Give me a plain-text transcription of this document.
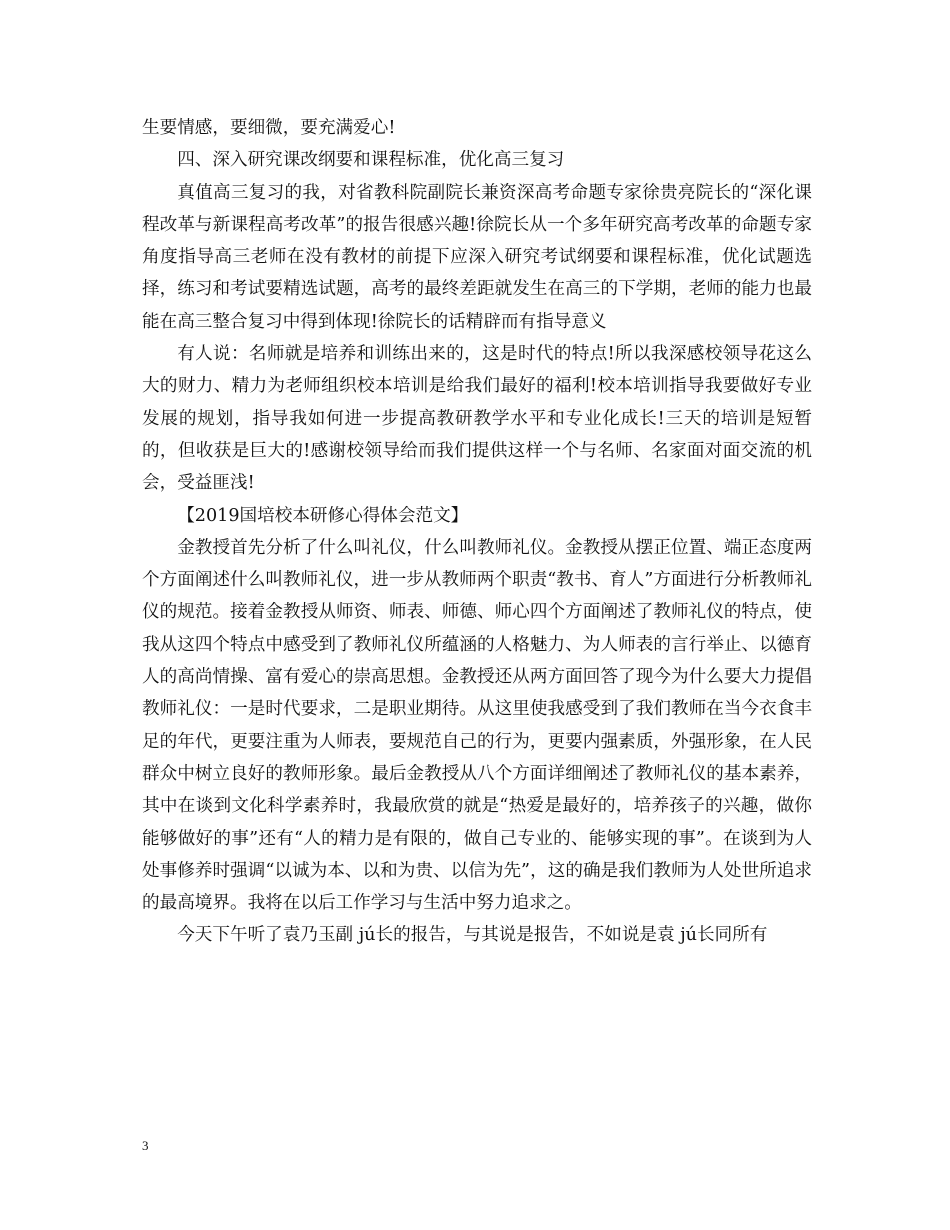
生要情感，要细微，要充满爱心!

四、深入研究课改纲要和课程标准，优化高三复习

真值高三复习的我，对省教科院副院长兼资深高考命题专家徐贵亮院长的“深化课程改革与新课程高考改革”的报告很感兴趣!徐院长从一个多年研究高考改革的命题专家角度指导高三老师在没有教材的前提下应深入研究考试纲要和课程标准，优化试题选择，练习和考试要精选试题，高考的最终差距就发生在高三的下学期，老师的能力也最能在高三整合复习中得到体现!徐院长的话精辟而有指导意义

有人说：名师就是培养和训练出来的，这是时代的特点!所以我深感校领导花这么大的财力、精力为老师组织校本培训是给我们最好的福利!校本培训指导我要做好专业发展的规划，指导我如何进一步提高教研教学水平和专业化成长!三天的培训是短暂的，但收获是巨大的!感谢校领导给而我们提供这样一个与名师、名家面对面交流的机会，受益匪浅!

【2019国培校本研修心得体会范文】

金教授首先分析了什么叫礼仪，什么叫教师礼仪。金教授从摆正位置、端正态度两个方面阐述什么叫教师礼仪，进一步从教师两个职责“教书、育人”方面进行分析教师礼仪的规范。接着金教授从师资、师表、师德、师心四个方面阐述了教师礼仪的特点，使我从这四个特点中感受到了教师礼仪所蕴涵的人格魅力、为人师表的言行举止、以德育人的高尚情操、富有爱心的崇高思想。金教授还从两方面回答了现今为什么要大力提倡教师礼仪：一是时代要求，二是职业期待。从这里使我感受到了我们教师在当今衣食丰足的年代，更要注重为人师表，要规范自己的行为，更要内强素质，外强形象，在人民群众中树立良好的教师形象。最后金教授从八个方面详细阐述了教师礼仪的基本素养，其中在谈到文化科学素养时，我最欣赏的就是“热爱是最好的，培养孩子的兴趣，做你能够做好的事”还有“人的精力是有限的，做自己专业的、能够实现的事”。在谈到为人处事修养时强调“以诚为本、以和为贵、以信为先”，这的确是我们教师为人处世所追求的最高境界。我将在以后工作学习与生活中努力追求之。

今天下午听了袁乃玉副 jú长的报告，与其说是报告，不如说是袁 jú长同所有

3
